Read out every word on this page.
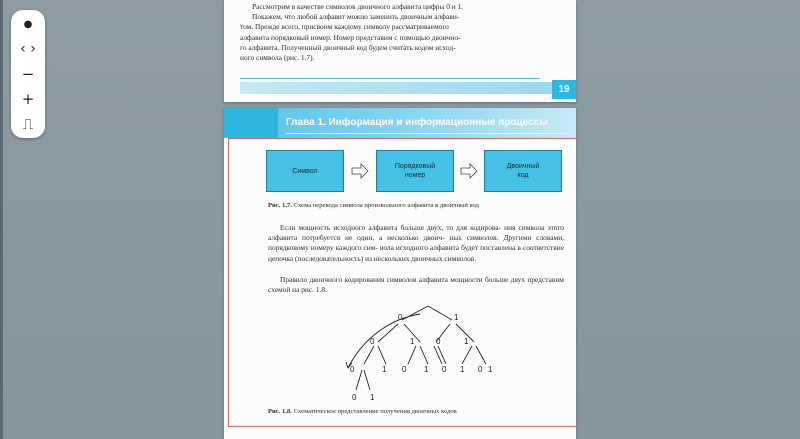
●
‹ ›
−
+
⎍

Рассмотрим в качестве символов двоичного алфавита цифры 0 и 1.
Покажем, что любой алфавит можно заменить двоичным алфави-
том. Прежде всего, присвоим каждому символу рассматриваемого
алфавита порядковый номер. Номер представим с помощью двоично-
го алфавита. Полученный двоичный код будем считать кодом исход-
ного символа (рис. 1.7).

19
Глава 1. Информация и информационные процессы
Символ
Порядковый
номер
Двоичный
код

Рис. 1.7. Схема перевода символа произвольного алфавита в двоичный код

Если мощность исходного алфавита больше двух, то для кодирова- ния символа этого алфавита потребуется не один, а несколько двоич- ных символов. Другими словами, порядковому номеру каждого сим- вола исходного алфавита будет поставлена в соответствие цепочка (последовательность) из нескольких двоичных символов.

Правило двоичного кодирования символов алфавита мощности больше двух представим схемой на рис. 1.8.

0	1
0	1	0	1
0	1 0 1 0 1 0 1
0 1

Рис. 1.8. Схематическое представление получения двоичных кодов
